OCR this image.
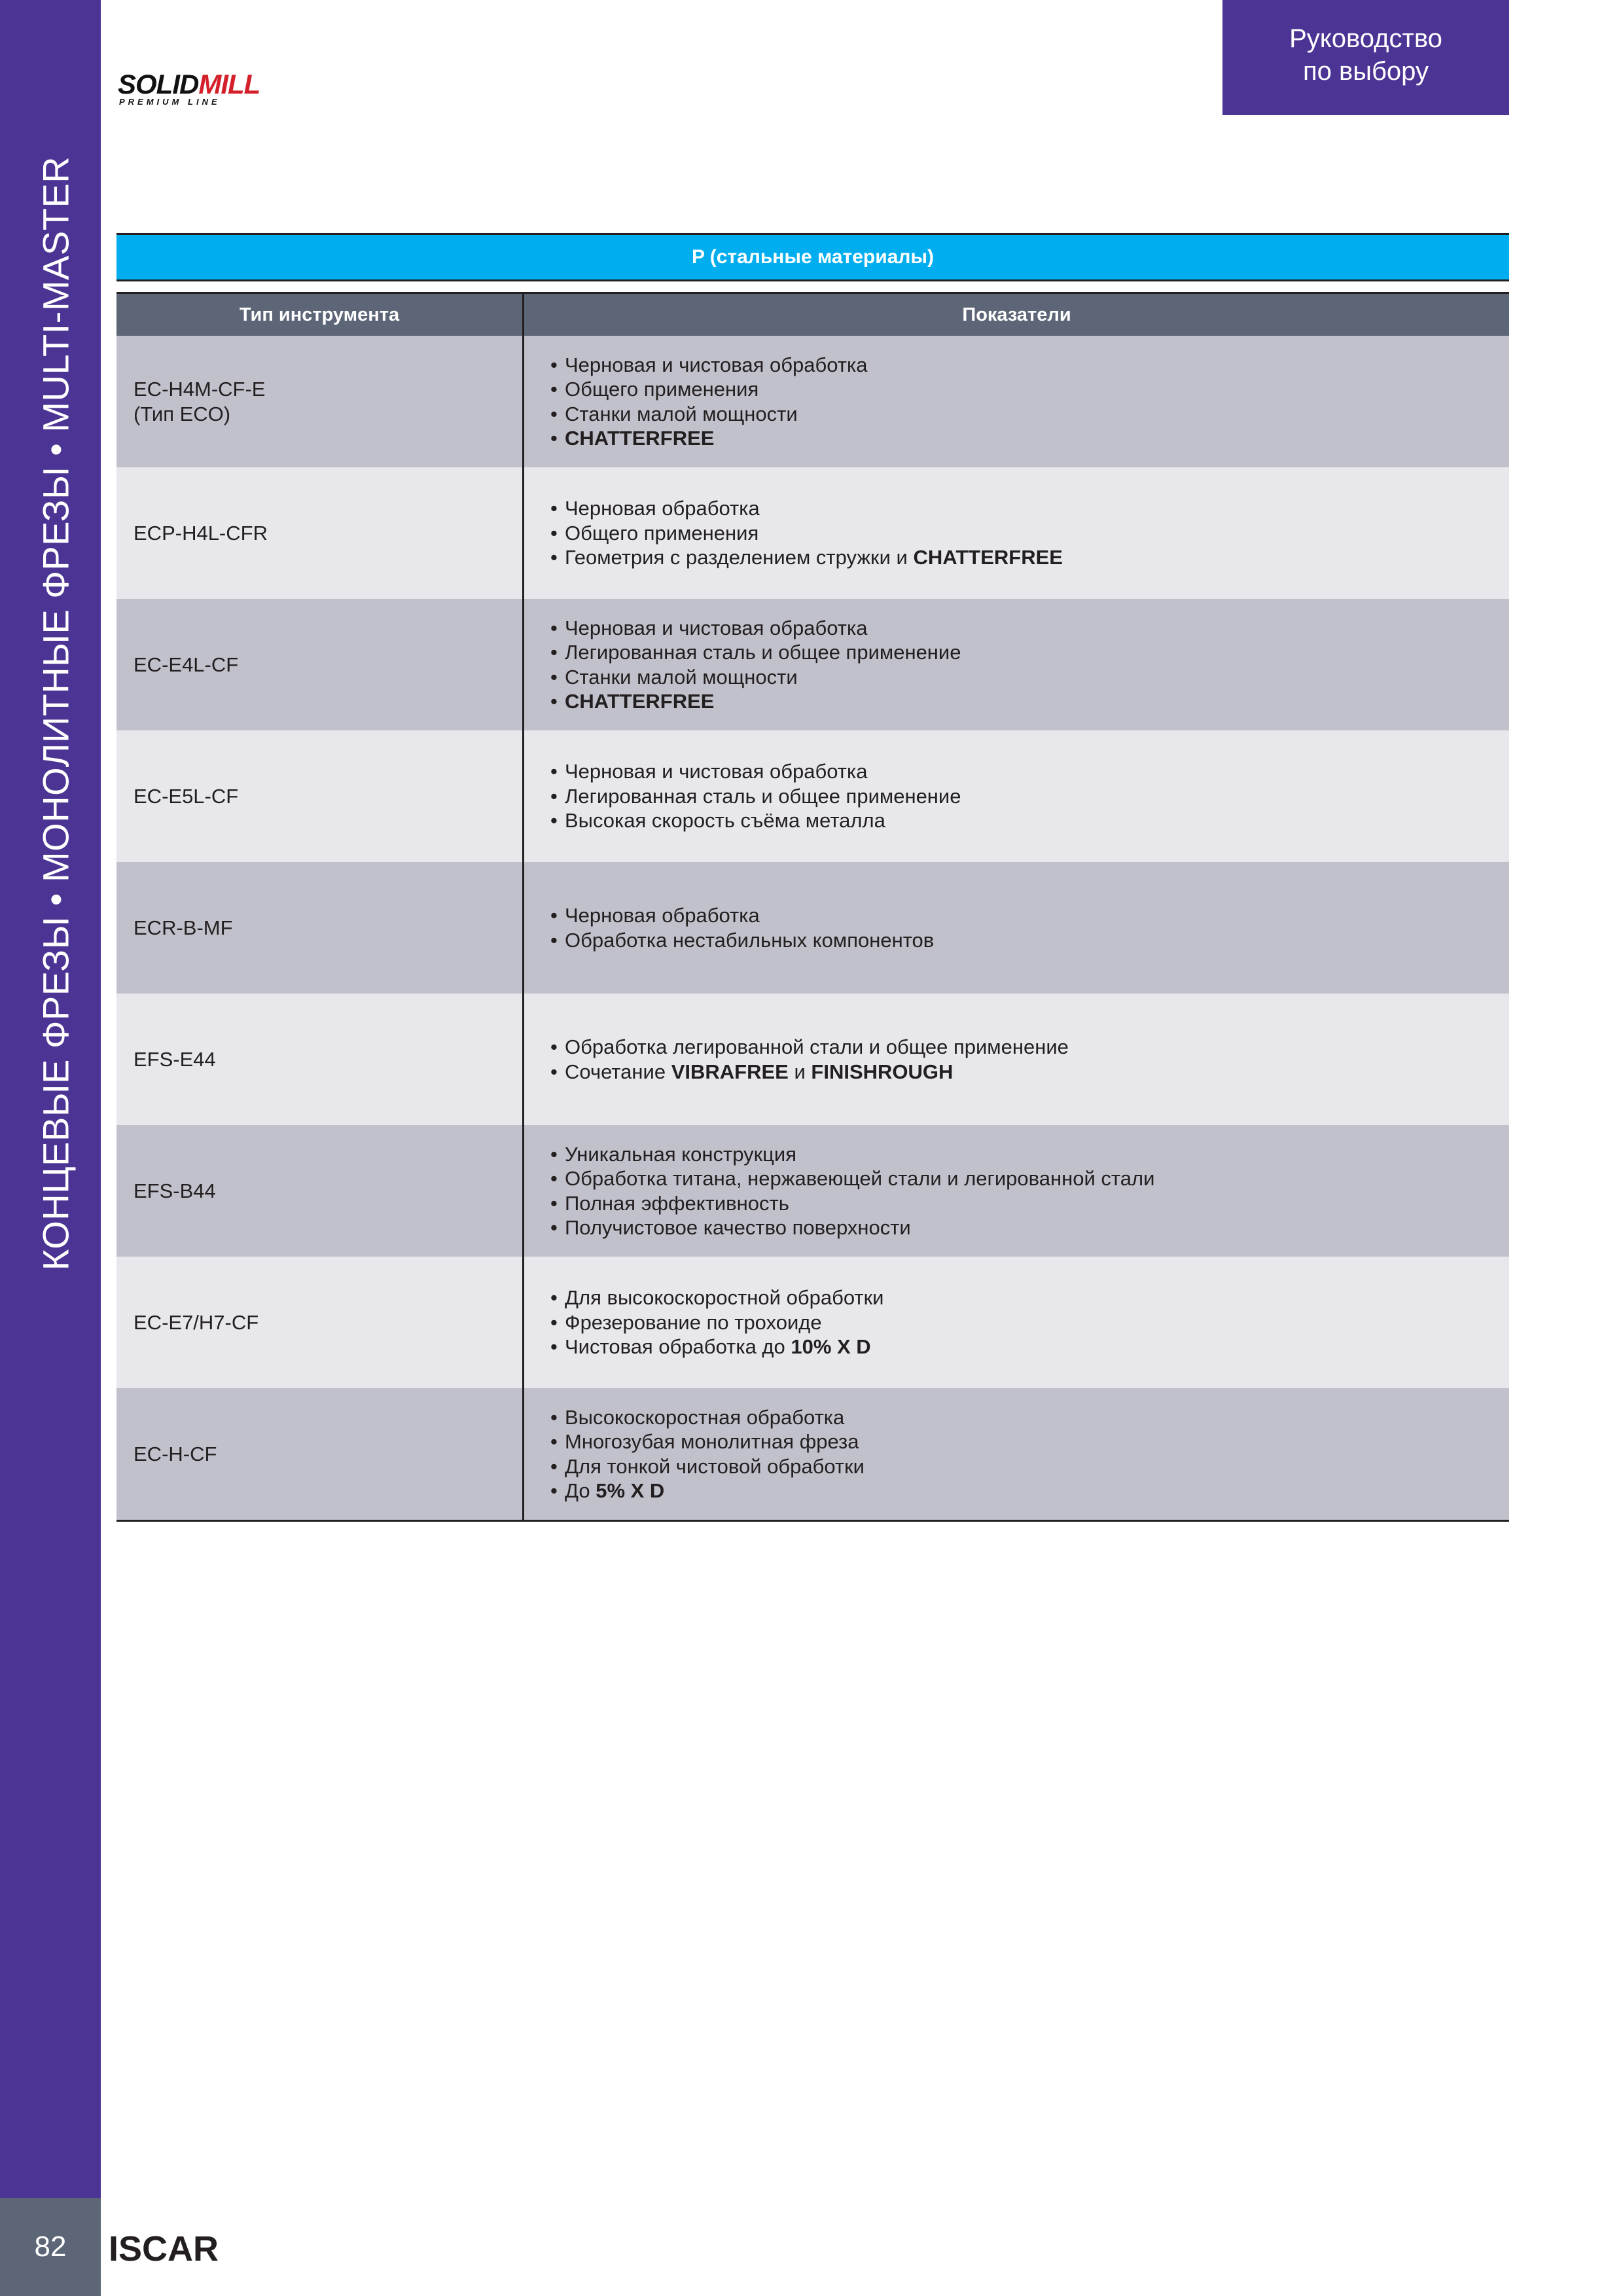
КОНЦЕВЫЕ ФРЕЗЫ • МОНОЛИТНЫЕ ФРЕЗЫ • MULTI-MASTER
82	ISCAR
Руководство
по выбору
SOLIDMILL
PREMIUM LINE
P (стальные материалы)
Тип инструмента	Показатели
EC-H4M-CF-E
(Тип ECO)
• Черновая и чистовая обработка
• Общего применения
• Станки малой мощности
• CHATTERFREE
ECP-H4L-CFR
• Черновая обработка
• Общего применения
• Геометрия с разделением стружки и CHATTERFREE
EC-E4L-CF
• Черновая и чистовая обработка
• Легированная сталь и общее применение
• Станки малой мощности
• CHATTERFREE
EC-E5L-CF
• Черновая и чистовая обработка
• Легированная сталь и общее применение
• Высокая скорость съёма металла
ECR-B-MF
• Черновая обработка
• Обработка нестабильных компонентов
EFS-E44
• Обработка легированной стали и общее применение
• Сочетание VIBRAFREE и FINISHROUGH
EFS-B44
• Уникальная конструкция
• Обработка титана, нержавеющей стали и легированной стали
• Полная эффективность
• Получистовое качество поверхности
EC-E7/H7-CF
• Для высокоскоростной обработки
• Фрезерование по трохоиде
• Чистовая обработка до 10% X D
EC-H-CF
• Высокоскоростная обработка
• Многозубая монолитная фреза
• Для тонкой чистовой обработки
• До 5% X D
